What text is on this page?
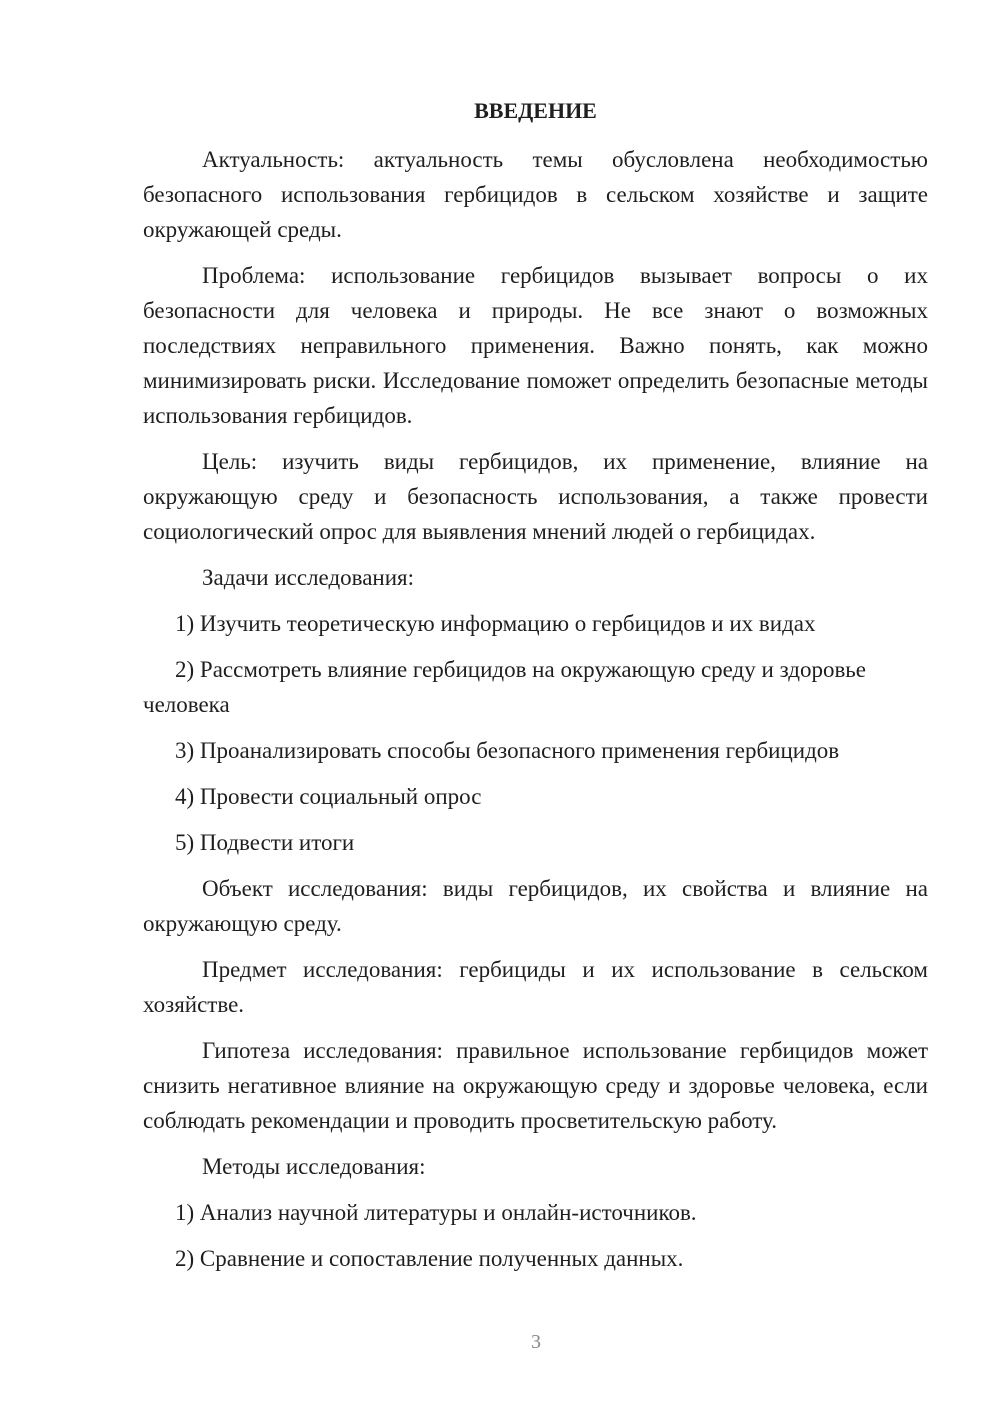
ВВЕДЕНИЕ

Актуальность: актуальность темы обусловлена необходимостью безопасного использования гербицидов в сельском хозяйстве и защите окружающей среды.

Проблема: использование гербицидов вызывает вопросы о их безопасности для человека и природы. Не все знают о возможных последствиях неправильного применения. Важно понять, как можно минимизировать риски. Исследование поможет определить безопасные методы использования гербицидов.

Цель: изучить виды гербицидов, их применение, влияние на окружающую среду и безопасность использования, а также провести социологический опрос для выявления мнений людей о гербицидах.

Задачи исследования:

1) Изучить теоретическую информацию о гербицидов и их видах

2) Рассмотреть влияние гербицидов на окружающую среду и здоровье человека

3) Проанализировать способы безопасного применения гербицидов

4) Провести социальный опрос

5) Подвести итоги

Объект исследования: виды гербицидов, их свойства и влияние на окружающую среду.

Предмет исследования: гербициды и их использование в сельском хозяйстве.

Гипотеза исследования: правильное использование гербицидов может снизить негативное влияние на окружающую среду и здоровье человека, если соблюдать рекомендации и проводить просветительскую работу.

Методы исследования:

1) Анализ научной литературы и онлайн-источников.

2) Сравнение и сопоставление полученных данных.

3
